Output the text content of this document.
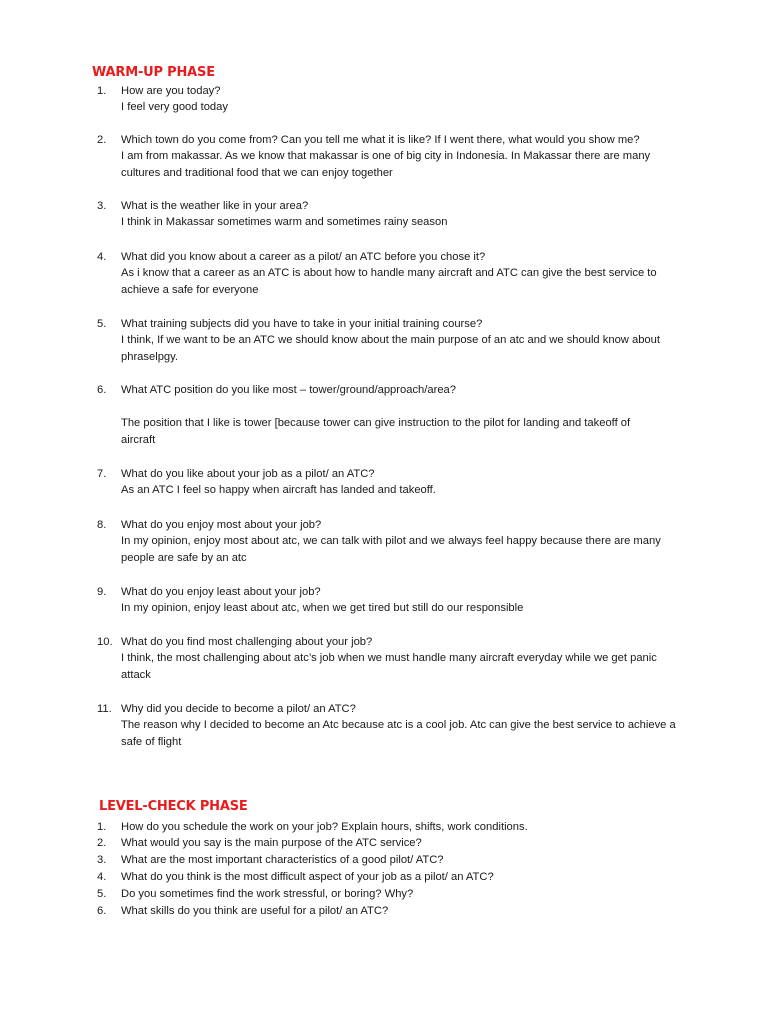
WARM-UP PHASE
1.	How are you today?
I feel very good today
2.	Which town do you come from? Can you tell me what it is like? If I went there, what would you show me?
I am from makassar. As we know that makassar is one of big city in Indonesia. In Makassar there are many cultures and traditional food that we can enjoy together
3.	What is the weather like in your area?
I think in Makassar sometimes warm and sometimes rainy season
4.	What did you know about a career as a pilot/ an ATC before you chose it?
As i know that a career as an ATC is about how to handle many aircraft and ATC can give the best service to achieve a safe for everyone
5.	What training subjects did you have to take in your initial training course?
I think, If we want to be an ATC we should know about the main purpose of an atc and we should know about phraselpgy.
6.	What ATC position do you like most – tower/ground/approach/area?
The position that I like is tower [because tower can give instruction to the pilot for landing and takeoff of aircraft
7.	What do you like about your job as a pilot/ an ATC?
As an ATC I feel so happy when aircraft has landed and takeoff.
8.	What do you enjoy most about your job?
In my opinion, enjoy most about atc, we can talk with pilot and we always feel happy because there are many people are safe by an atc
9.	What do you enjoy least about your job?
In my opinion, enjoy least about atc, when we get tired but still do our responsible
10. What do you find most challenging about your job?
I think, the most challenging about atc’s job when we must handle many aircraft everyday while we get panic attack
11. Why did you decide to become a pilot/ an ATC?
The reason why I decided to become an Atc because atc is a cool job. Atc can give the best service to achieve a safe of flight
LEVEL-CHECK PHASE
1.	How do you schedule the work on your job? Explain hours, shifts, work conditions.
2.	What would you say is the main purpose of the ATC service?
3.	What are the most important characteristics of a good pilot/ ATC?
4.	What do you think is the most difficult aspect of your job as a pilot/ an ATC?
5.	Do you sometimes find the work stressful, or boring? Why?
6.	What skills do you think are useful for a pilot/ an ATC?
